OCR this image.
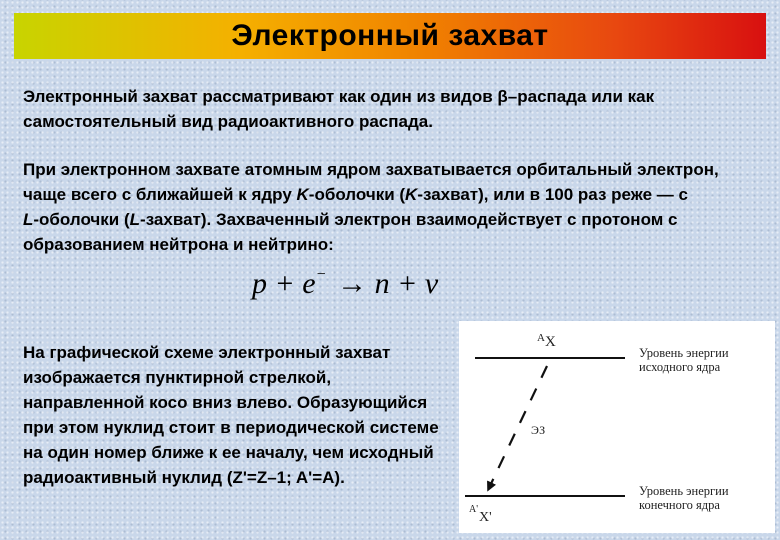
Электронный захват

Электронный захват рассматривают как один из видов β–распада или как самостоятельный вид радиоактивного распада.

При электронном захвате атомным ядром захватывается орбитальный электрон, чаще всего с ближайшей к ядру K‑оболочки (K‑захват), или в 100 раз реже — с L‑оболочки (L‑захват). Захваченный электрон взаимодействует с протоном с образованием нейтрона и нейтрино:

p + e− → n + ν

На графической схеме электронный захват изображается пунктирной стрелкой, направленной косо вниз влево. Образующийся при этом нуклид стоит в периодической системе на один номер ближе к ее началу, чем исходный радиоактивный нуклид (Z'=Z–1; A'=A).

A X
Уровень энергии
исходного ядра
ЭЗ
Уровень энергии
конечного ядра
A'
X'
